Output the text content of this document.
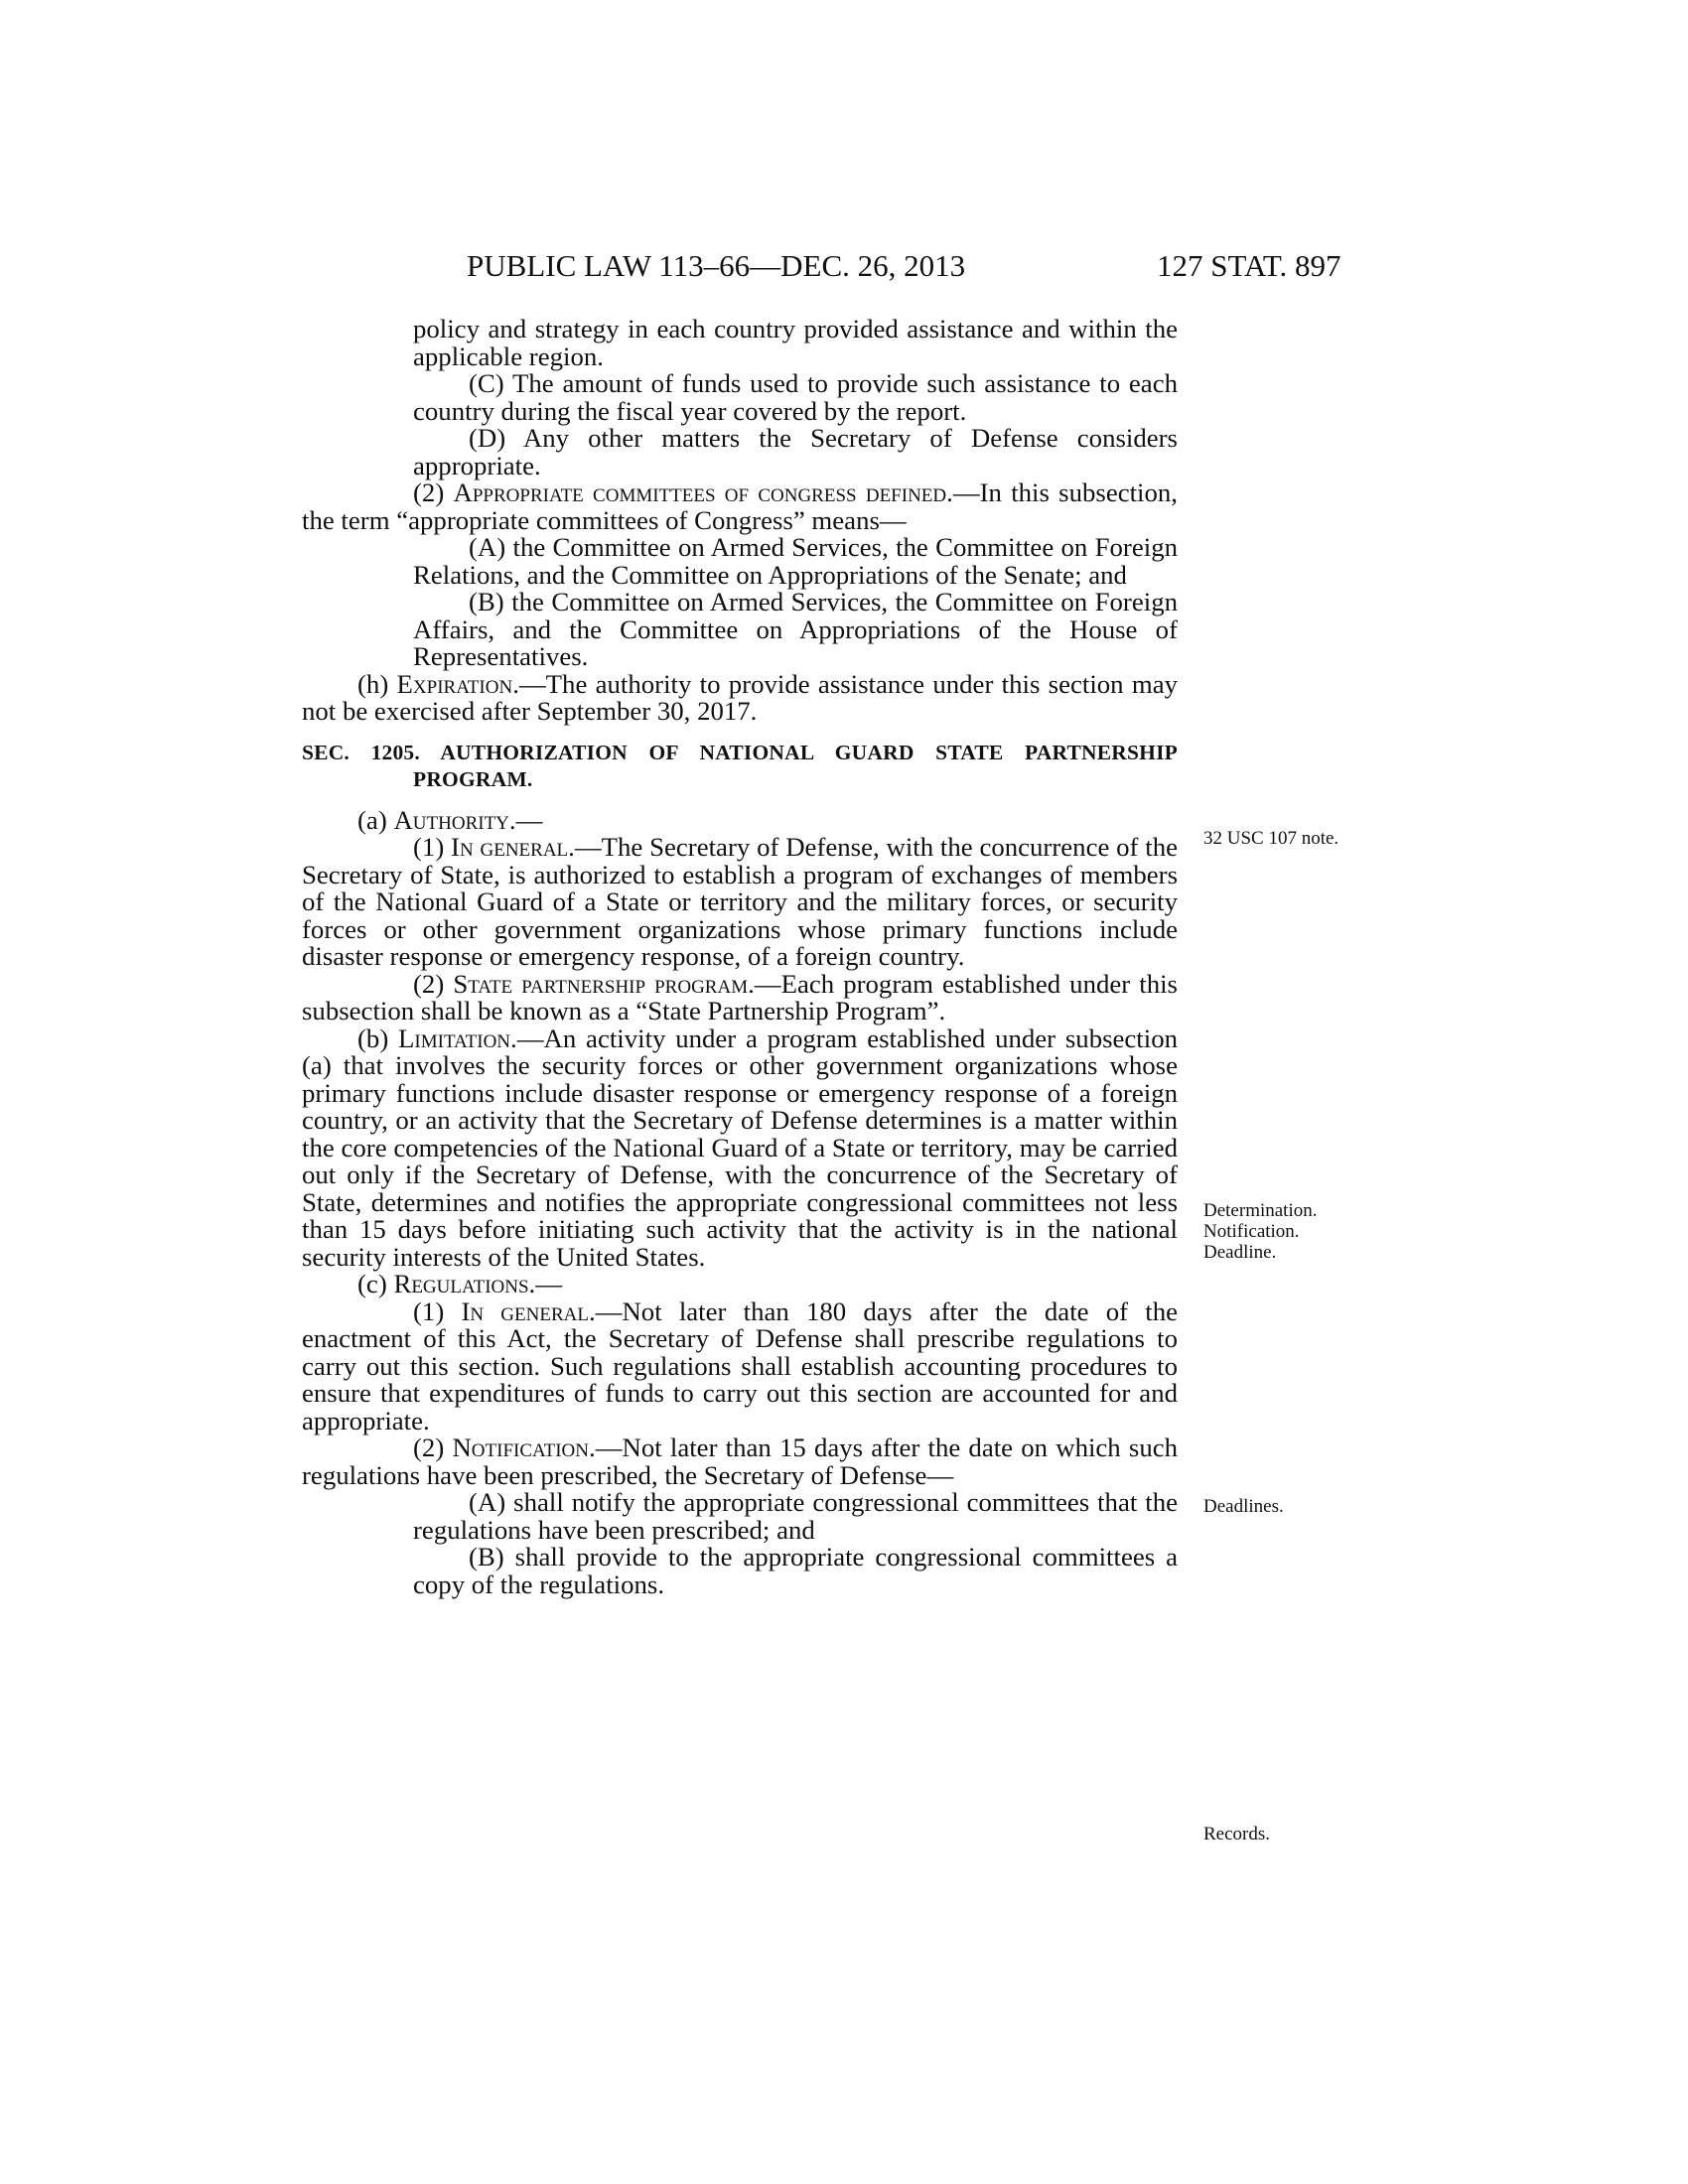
PUBLIC LAW 113–66—DEC. 26, 2013	127 STAT. 897
policy and strategy in each country provided assistance and within the applicable region.
(C) The amount of funds used to provide such assistance to each country during the fiscal year covered by the report.
(D) Any other matters the Secretary of Defense considers appropriate.
(2) Appropriate committees of congress defined.—In this subsection, the term “appropriate committees of Congress” means—
(A) the Committee on Armed Services, the Committee on Foreign Relations, and the Committee on Appropriations of the Senate; and
(B) the Committee on Armed Services, the Committee on Foreign Affairs, and the Committee on Appropriations of the House of Representatives.
(h) Expiration.—The authority to provide assistance under this section may not be exercised after September 30, 2017.
SEC. 1205. AUTHORIZATION OF NATIONAL GUARD STATE PARTNERSHIP PROGRAM.
(a) Authority.—
(1) In general.—The Secretary of Defense, with the concurrence of the Secretary of State, is authorized to establish a program of exchanges of members of the National Guard of a State or territory and the military forces, or security forces or other government organizations whose primary functions include disaster response or emergency response, of a foreign country.
(2) State partnership program.—Each program established under this subsection shall be known as a “State Partnership Program”.
(b) Limitation.—An activity under a program established under subsection (a) that involves the security forces or other government organizations whose primary functions include disaster response or emergency response of a foreign country, or an activity that the Secretary of Defense determines is a matter within the core competencies of the National Guard of a State or territory, may be carried out only if the Secretary of Defense, with the concurrence of the Secretary of State, determines and notifies the appropriate congressional committees not less than 15 days before initiating such activity that the activity is in the national security interests of the United States.
(c) Regulations.—
(1) In general.—Not later than 180 days after the date of the enactment of this Act, the Secretary of Defense shall prescribe regulations to carry out this section. Such regulations shall establish accounting procedures to ensure that expenditures of funds to carry out this section are accounted for and appropriate.
(2) Notification.—Not later than 15 days after the date on which such regulations have been prescribed, the Secretary of Defense—
(A) shall notify the appropriate congressional committees that the regulations have been prescribed; and
(B) shall provide to the appropriate congressional committees a copy of the regulations.
32 USC 107 note.
Determination.
Notification.
Deadline.
Deadlines.
Records.
